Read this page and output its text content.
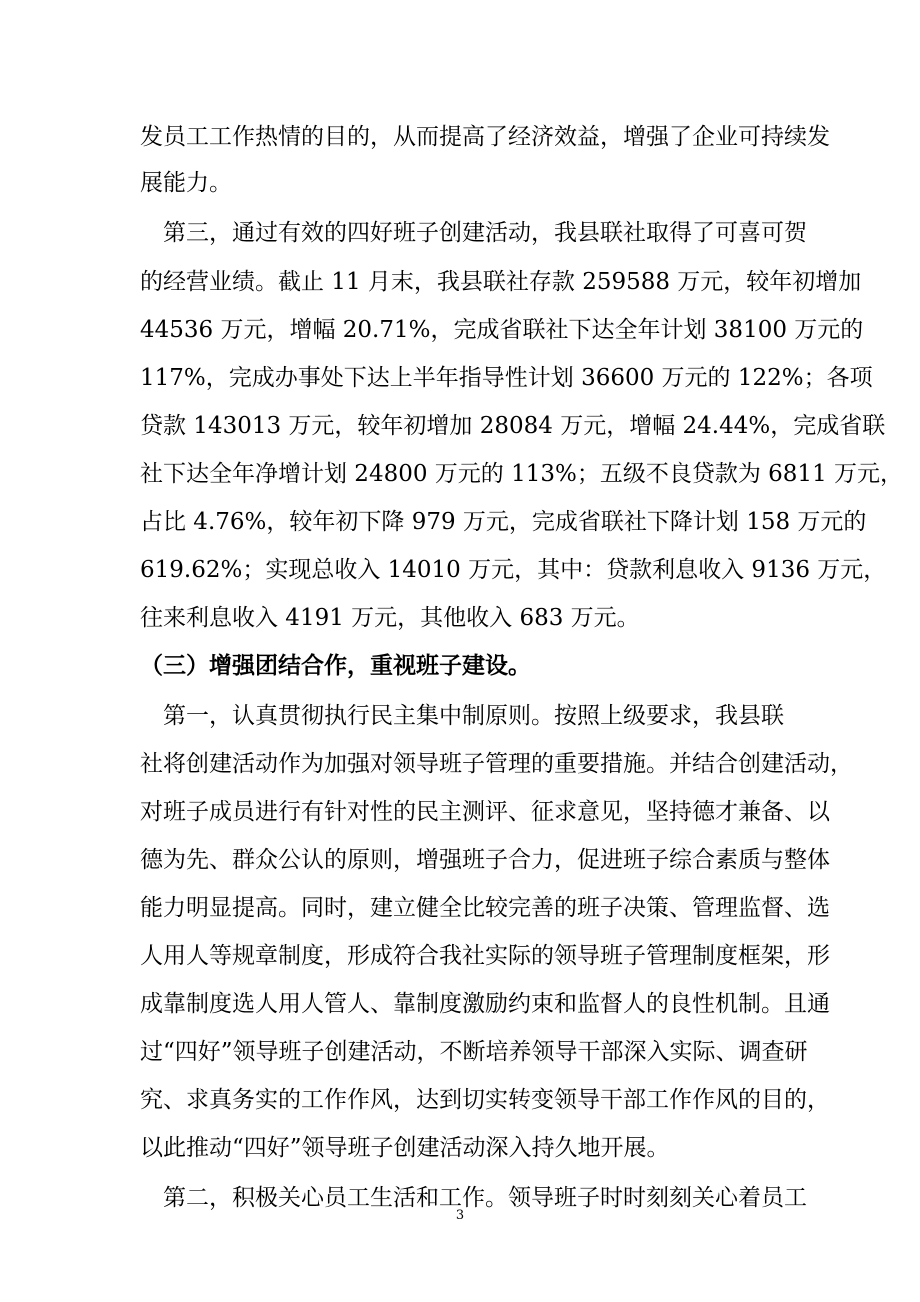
发员工工作热情的目的，从而提高了经济效益，增强了企业可持续发
展能力。
　第三，通过有效的四好班子创建活动，我县联社取得了可喜可贺
的经营业绩。截止 11 月末，我县联社存款 259588 万元，较年初增加
44536 万元，增幅 20.71%，完成省联社下达全年计划 38100 万元的
117%，完成办事处下达上半年指导性计划 36600 万元的 122%；各项
贷款 143013 万元，较年初增加 28084 万元，增幅 24.44%，完成省联
社下达全年净增计划 24800 万元的 113%；五级不良贷款为 6811 万元，
占比 4.76%，较年初下降 979 万元，完成省联社下降计划 158 万元的
619.62%；实现总收入 14010 万元，其中：贷款利息收入 9136 万元，
往来利息收入 4191 万元，其他收入 683 万元。
（三）增强团结合作，重视班子建设。
　第一，认真贯彻执行民主集中制原则。按照上级要求，我县联
社将创建活动作为加强对领导班子管理的重要措施。并结合创建活动，
对班子成员进行有针对性的民主测评、征求意见，坚持德才兼备、以
德为先、群众公认的原则，增强班子合力，促进班子综合素质与整体
能力明显提高。同时，建立健全比较完善的班子决策、管理监督、选
人用人等规章制度，形成符合我社实际的领导班子管理制度框架，形
成靠制度选人用人管人、靠制度激励约束和监督人的良性机制。且通
过“四好”领导班子创建活动，不断培养领导干部深入实际、调查研
究、求真务实的工作作风，达到切实转变领导干部工作作风的目的，
以此推动“四好”领导班子创建活动深入持久地开展。
　第二，积极关心员工生活和工作。领导班子时时刻刻关心着员工
3
